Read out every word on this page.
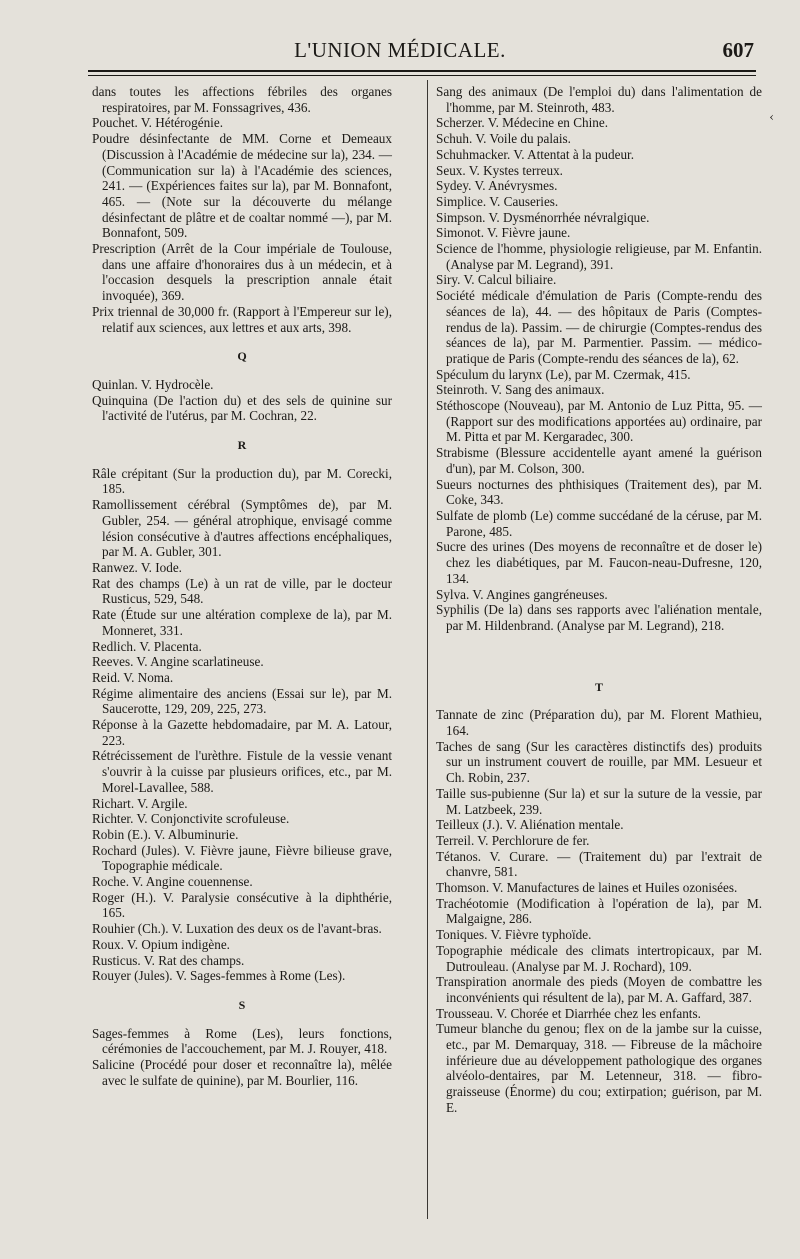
L'UNION MÉDICALE.	607
‹

dans toutes les affections fébriles des organes respiratoires, par M. Fonssagrives, 436.

Pouchet. V. Hétérogénie.

Poudre désinfectante de MM. Corne et Demeaux (Discussion à l'Académie de médecine sur la), 234. — (Communication sur la) à l'Académie des sciences, 241. — (Expériences faites sur la), par M. Bonnafont, 465. — (Note sur la découverte du mélange désinfectant de plâtre et de coaltar nommé —), par M. Bonnafont, 509.

Prescription (Arrêt de la Cour impériale de Toulouse, dans une affaire d'honoraires dus à un médecin, et à l'occasion desquels la prescription annale était invoquée), 369.

Prix triennal de 30,000 fr. (Rapport à l'Empereur sur le), relatif aux sciences, aux lettres et aux arts, 398.

Q

Quinlan. V. Hydrocèle.

Quinquina (De l'action du) et des sels de quinine sur l'activité de l'utérus, par M. Cochran, 22.

R

Râle crépitant (Sur la production du), par M. Corecki, 185.

Ramollissement cérébral (Symptômes de), par M. Gubler, 254. — général atrophique, envisagé comme lésion consécutive à d'autres affections encéphaliques, par M. A. Gubler, 301.

Ranwez. V. Iode.

Rat des champs (Le) à un rat de ville, par le docteur Rusticus, 529, 548.

Rate (Étude sur une altération complexe de la), par M. Monneret, 331.

Redlich. V. Placenta.

Reeves. V. Angine scarlatineuse.

Reid. V. Noma.

Régime alimentaire des anciens (Essai sur le), par M. Saucerotte, 129, 209, 225, 273.

Réponse à la Gazette hebdomadaire, par M. A. Latour, 223.

Rétrécissement de l'urèthre. Fistule de la vessie venant s'ouvrir à la cuisse par plusieurs orifices, etc., par M. Morel-Lavallee, 588.

Richart. V. Argile.

Richter. V. Conjonctivite scrofuleuse.

Robin (E.). V. Albuminurie.

Rochard (Jules). V. Fièvre jaune, Fièvre bilieuse grave, Topographie médicale.

Roche. V. Angine couennense.

Roger (H.). V. Paralysie consécutive à la diphthérie, 165.

Rouhier (Ch.). V. Luxation des deux os de l'avant-bras.

Roux. V. Opium indigène.

Rusticus. V. Rat des champs.

Rouyer (Jules). V. Sages-femmes à Rome (Les).

S

Sages-femmes à Rome (Les), leurs fonctions, cérémonies de l'accouchement, par M. J. Rouyer, 418.

Salicine (Procédé pour doser et reconnaître la), mêlée avec le sulfate de quinine), par M. Bourlier, 116.

Sang des animaux (De l'emploi du) dans l'alimentation de l'homme, par M. Steinroth, 483.

Scherzer. V. Médecine en Chine.

Schuh. V. Voile du palais.

Schuhmacker. V. Attentat à la pudeur.

Seux. V. Kystes terreux.

Sydey. V. Anévrysmes.

Simplice. V. Causeries.

Simpson. V. Dysménorrhée névralgique.

Simonot. V. Fièvre jaune.

Science de l'homme, physiologie religieuse, par M. Enfantin. (Analyse par M. Legrand), 391.

Siry. V. Calcul biliaire.

Société médicale d'émulation de Paris (Compte-rendu des séances de la), 44. — des hôpitaux de Paris (Comptes-rendus de la). Passim. — de chirurgie (Comptes-rendus des séances de la), par M. Parmentier. Passim. — médico-pratique de Paris (Compte-rendu des séances de la), 62.

Spéculum du larynx (Le), par M. Czermak, 415.

Steinroth. V. Sang des animaux.

Stéthoscope (Nouveau), par M. Antonio de Luz Pitta, 95. — (Rapport sur des modifications apportées au) ordinaire, par M. Pitta et par M. Kergaradec, 300.

Strabisme (Blessure accidentelle ayant amené la guérison d'un), par M. Colson, 300.

Sueurs nocturnes des phthisiques (Traitement des), par M. Coke, 343.

Sulfate de plomb (Le) comme succédané de la céruse, par M. Parone, 485.

Sucre des urines (Des moyens de reconnaître et de doser le) chez les diabétiques, par M. Faucon-neau-Dufresne, 120, 134.

Sylva. V. Angines gangréneuses.

Syphilis (De la) dans ses rapports avec l'aliénation mentale, par M. Hildenbrand. (Analyse par M. Legrand), 218.

T

Tannate de zinc (Préparation du), par M. Florent Mathieu, 164.

Taches de sang (Sur les caractères distinctifs des) produits sur un instrument couvert de rouille, par MM. Lesueur et Ch. Robin, 237.

Taille sus-pubienne (Sur la) et sur la suture de la vessie, par M. Latzbeek, 239.

Teilleux (J.). V. Aliénation mentale.

Terreil. V. Perchlorure de fer.

Tétanos. V. Curare. — (Traitement du) par l'extrait de chanvre, 581.

Thomson. V. Manufactures de laines et Huiles ozonisées.

Trachéotomie (Modification à l'opération de la), par M. Malgaigne, 286.

Toniques. V. Fièvre typhoïde.

Topographie médicale des climats intertropicaux, par M. Dutrouleau. (Analyse par M. J. Rochard), 109.

Transpiration anormale des pieds (Moyen de combattre les inconvénients qui résultent de la), par M. A. Gaffard, 387.

Trousseau. V. Chorée et Diarrhée chez les enfants.

Tumeur blanche du genou; flex on de la jambe sur la cuisse, etc., par M. Demarquay, 318. — Fibreuse de la mâchoire inférieure due au développement pathologique des organes alvéolo-dentaires, par M. Letenneur, 318. — fibro-graisseuse (Énorme) du cou; extirpation; guérison, par M. E.
